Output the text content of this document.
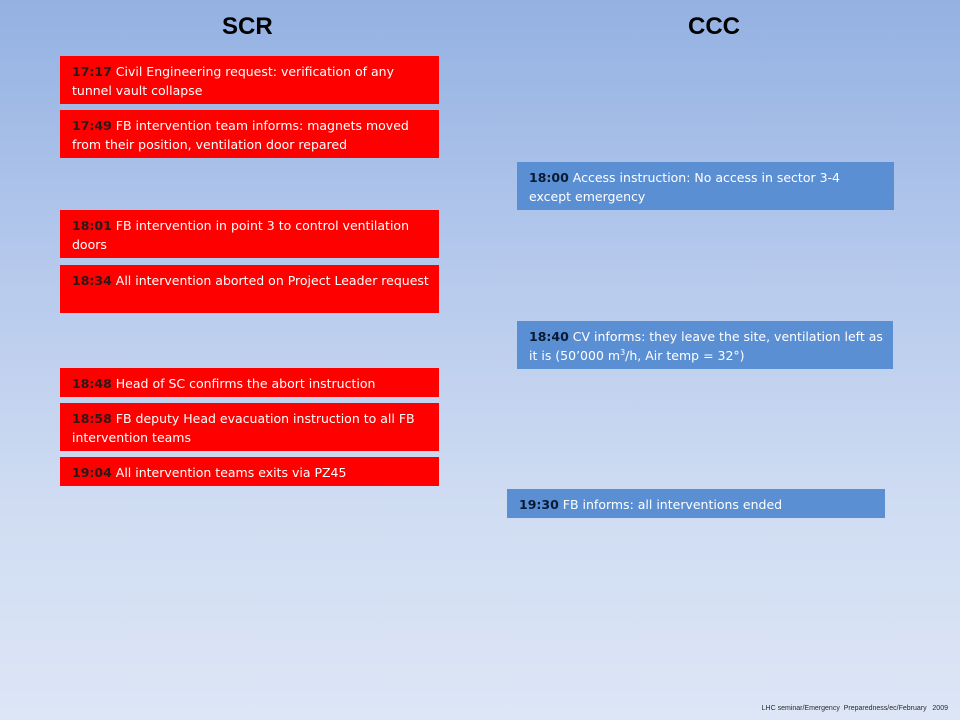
SCR	CCC
17:17 Civil Engineering request: verification of any tunnel vault collapse
17:49 FB intervention team informs: magnets moved from their position, ventilation door repared
18:01 FB intervention in point 3 to control ventilation doors
18:34 All intervention aborted on Project Leader request
18:48 Head of SC confirms the abort instruction
18:58 FB deputy Head evacuation instruction to all FB intervention teams
19:04 All intervention teams exits via PZ45
18:00 Access instruction: No access in sector 3-4 except emergency
18:40 CV informs: they leave the site, ventilation left as it is (50’000 $m^3/h$, Air temp = 32°)
19:30 FB informs: all interventions ended
LHC seminar/Emergency  Preparedness/ec/February   2009
